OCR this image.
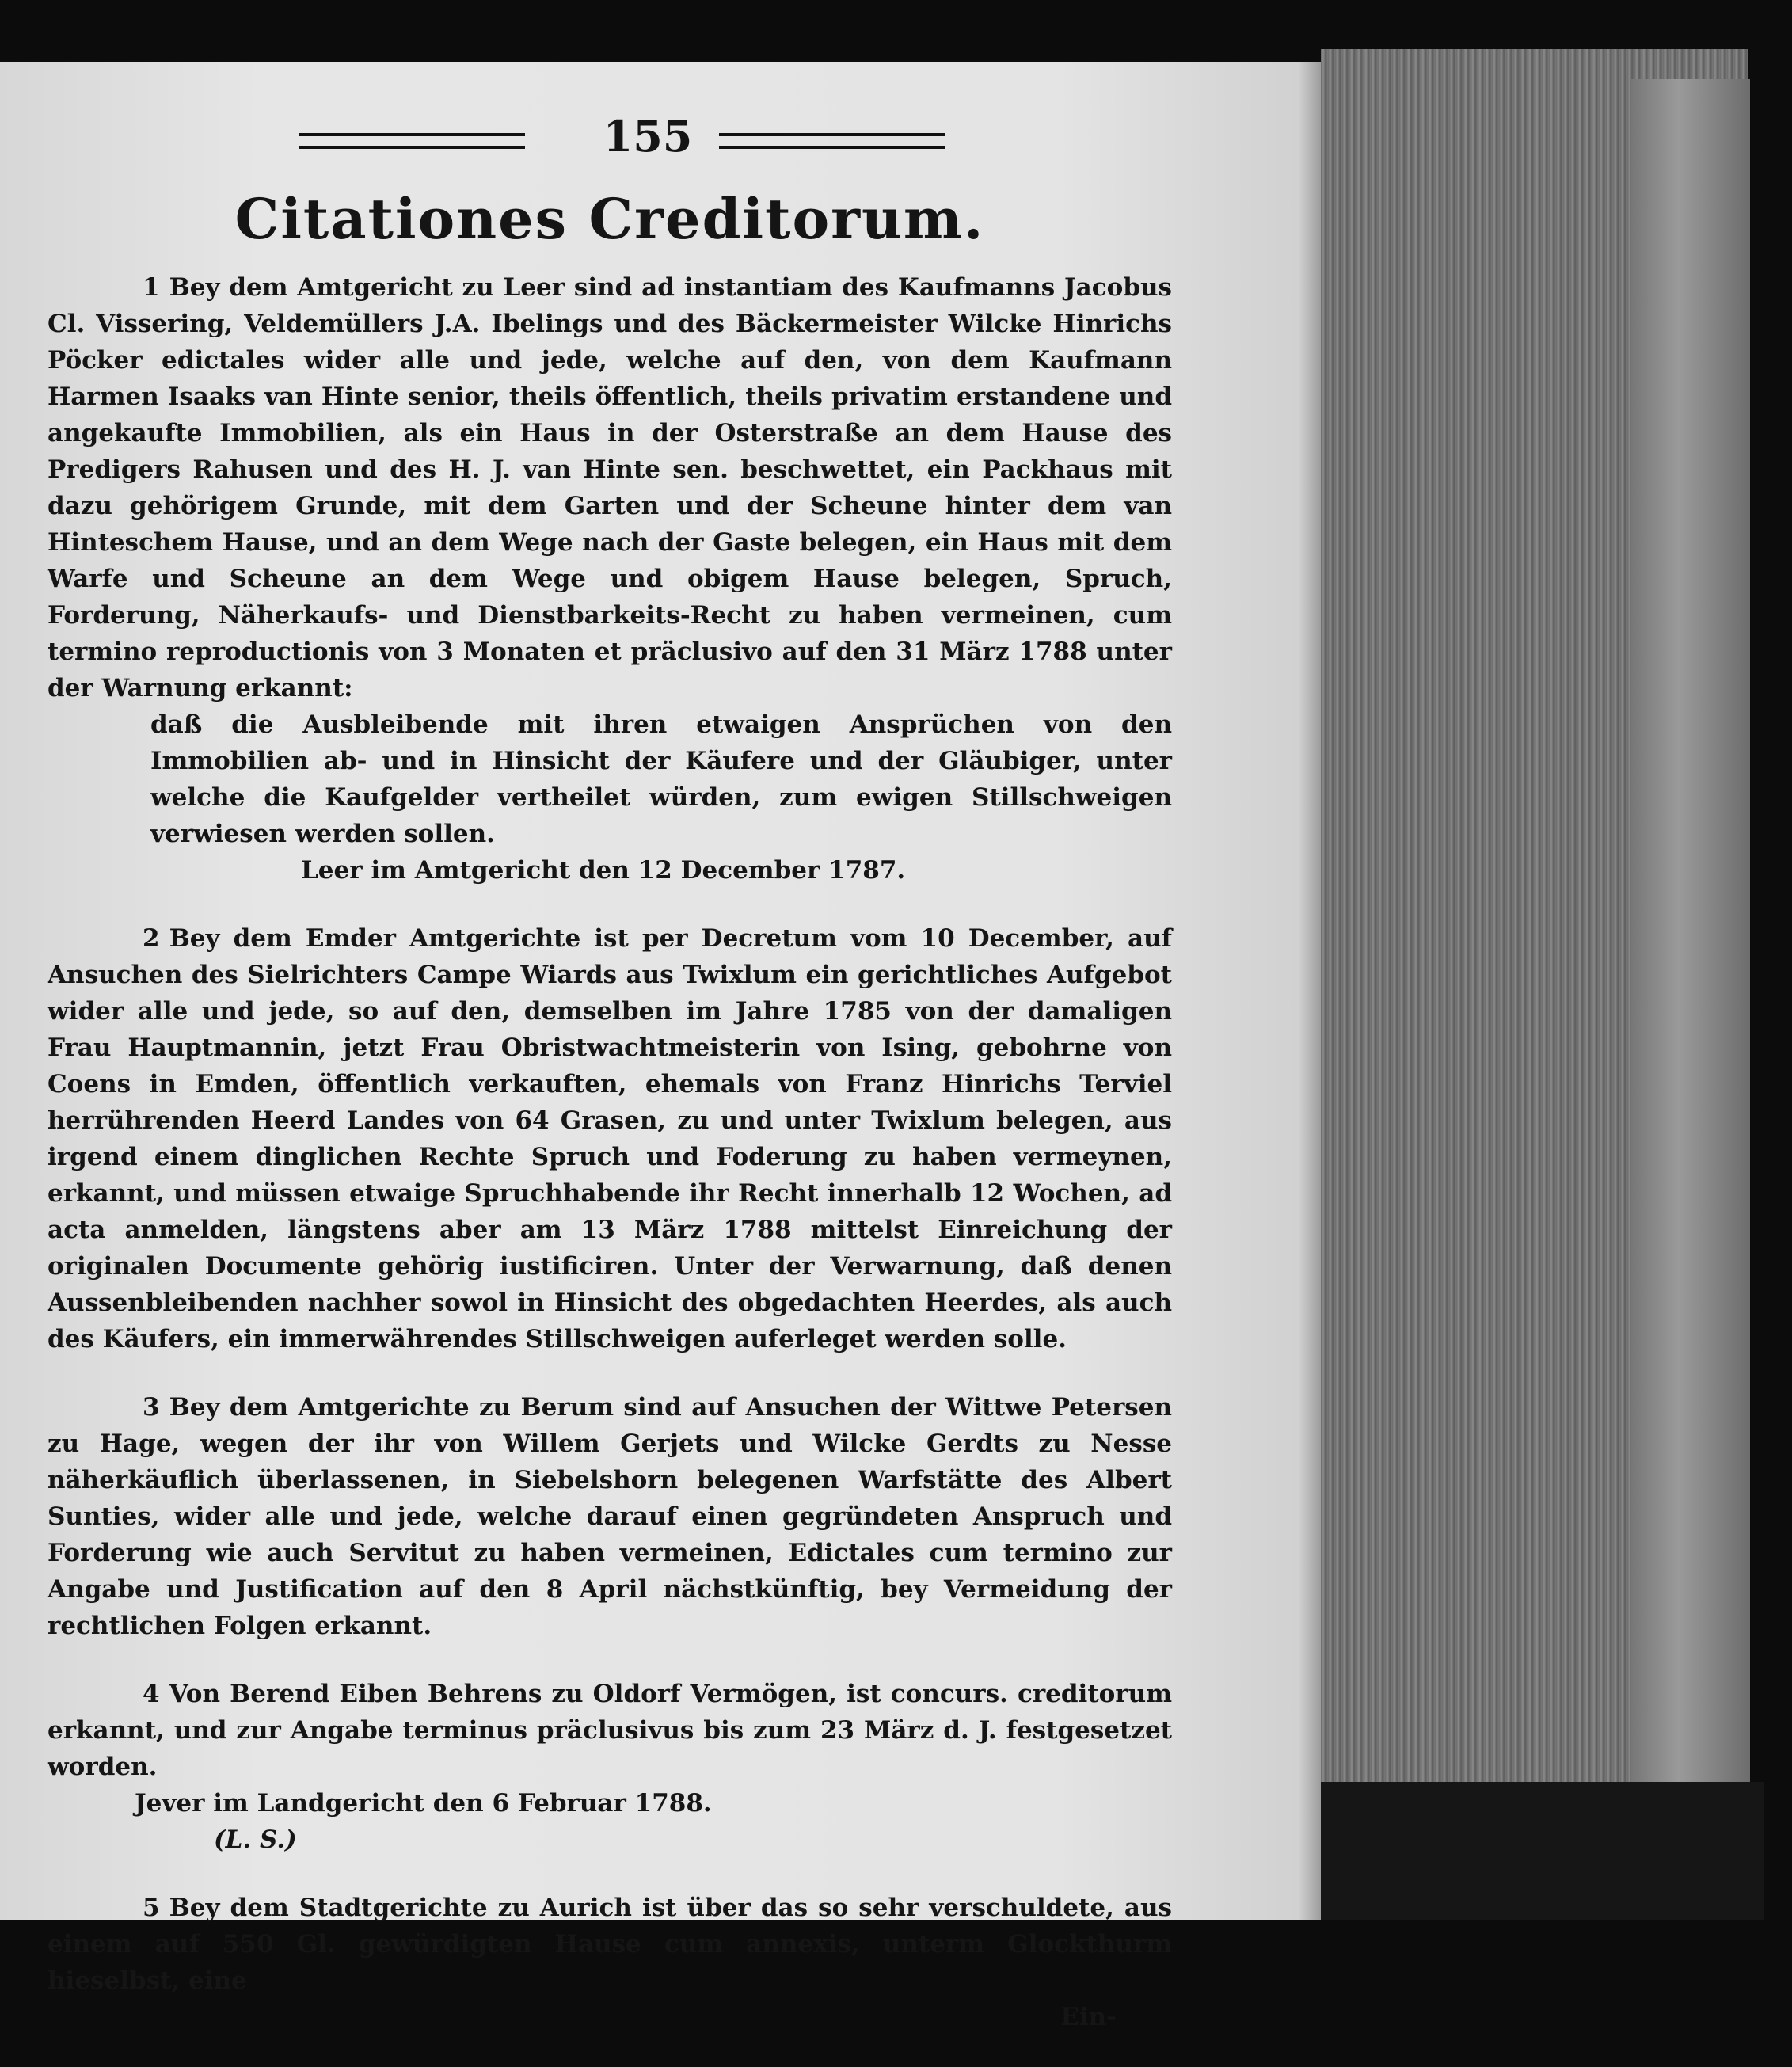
155
Citationes Creditorum.
1 Bey dem Amtgericht zu Leer sind ad instantiam des Kaufmanns Jacobus Cl. Vissering, Veldemüllers J.A. Ibelings und des Bäckermeister Wilcke Hinrichs Pöcker edictales wider alle und jede, welche auf den, von dem Kaufmann Harmen Isaaks van Hinte senior, theils öffentlich, theils privatim erstandene und angekaufte Immobilien, als ein Haus in der Osterstraße an dem Hause des Predigers Rahusen und des H. J. van Hinte sen. beschwettet, ein Packhaus mit dazu gehörigem Grunde, mit dem Garten und der Scheune hinter dem van Hinteschem Hause, und an dem Wege nach der Gaste belegen, ein Haus mit dem Warfe und Scheune an dem Wege und obigem Hause belegen, Spruch, Forderung, Näherkaufs- und Dienstbarkeits-Recht zu haben vermeinen, cum termino reproductionis von 3 Monaten et präclusivo auf den 31 März 1788 unter der Warnung erkannt:
daß die Ausbleibende mit ihren etwaigen Ansprüchen von den Immobilien ab- und in Hinsicht der Käufere und der Gläubiger, unter welche die Kaufgelder vertheilet würden, zum ewigen Stillschweigen verwiesen werden sollen.
Leer im Amtgericht den 12 December 1787.
2 Bey dem Emder Amtgerichte ist per Decretum vom 10 December, auf Ansuchen des Sielrichters Campe Wiards aus Twixlum ein gerichtliches Aufgebot wider alle und jede, so auf den, demselben im Jahre 1785 von der damaligen Frau Hauptmannin, jetzt Frau Obristwachtmeisterin von Ising, gebohrne von Coens in Emden, öffentlich verkauften, ehemals von Franz Hinrichs Terviel herrührenden Heerd Landes von 64 Grasen, zu und unter Twixlum belegen, aus irgend einem dinglichen Rechte Spruch und Foderung zu haben vermeynen, erkannt, und müssen etwaige Spruchhabende ihr Recht innerhalb 12 Wochen, ad acta anmelden, längstens aber am 13 März 1788 mittelst Einreichung der originalen Documente gehörig iustificiren. Unter der Verwarnung, daß denen Aussenbleibenden nachher sowol in Hinsicht des obgedachten Heerdes, als auch des Käufers, ein immerwährendes Stillschweigen auferleget werden solle.
3 Bey dem Amtgerichte zu Berum sind auf Ansuchen der Wittwe Petersen zu Hage, wegen der ihr von Willem Gerjets und Wilcke Gerdts zu Nesse näherkäuflich überlassenen, in Siebelshorn belegenen Warfstätte des Albert Sunties, wider alle und jede, welche darauf einen gegründeten Anspruch und Forderung wie auch Servitut zu haben vermeinen, Edictales cum termino zur Angabe und Justification auf den 8 April nächstkünftig, bey Vermeidung der rechtlichen Folgen erkannt.
4 Von Berend Eiben Behrens zu Oldorf Vermögen, ist concurs. creditorum erkannt, und zur Angabe terminus präclusivus bis zum 23 März d. J. festgesetzet worden.
Jever im Landgericht den 6 Februar 1788.
(L. S.)
5 Bey dem Stadtgerichte zu Aurich ist über das so sehr verschuldete, aus einem auf 550 Gl. gewürdigten Hause cum annexis, unterm Glockthurm hieselbst, eine
Ein-
